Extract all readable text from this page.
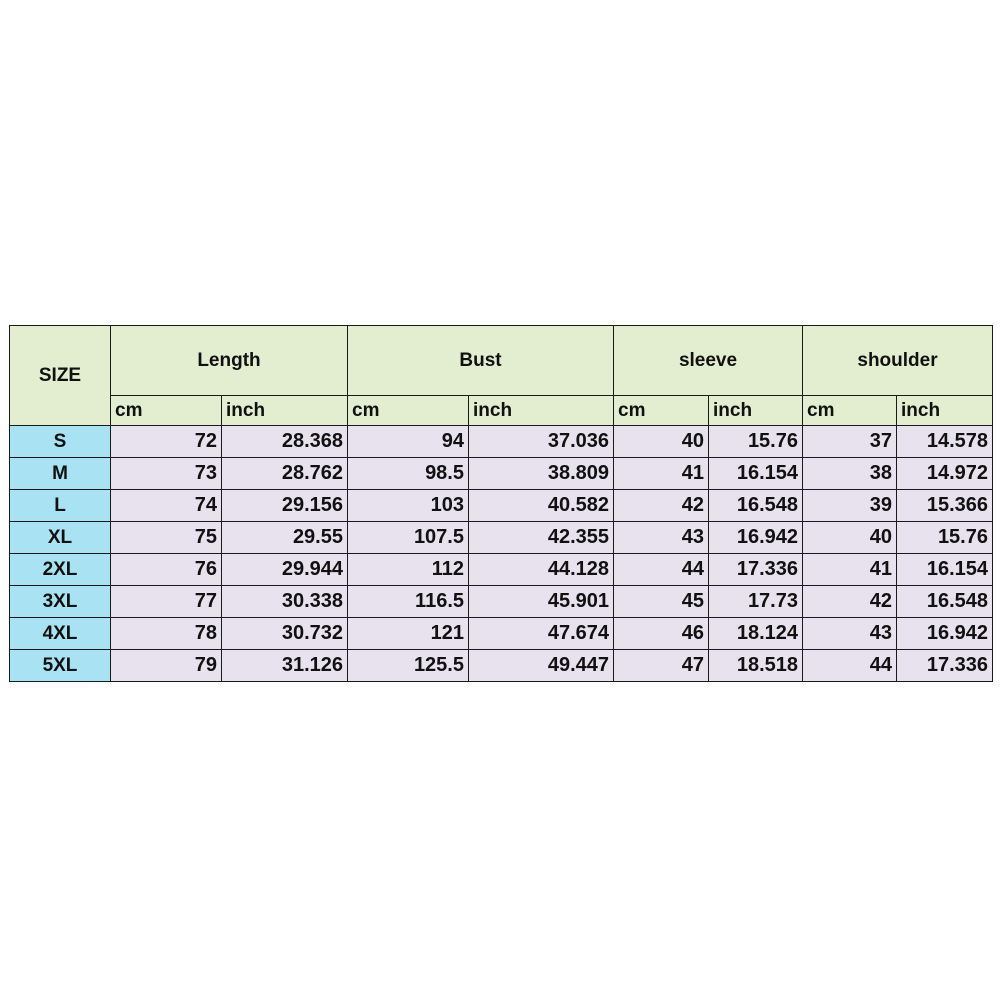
SIZE	Length		Bust		sleeve		shoulder	
	cm	inch	cm	inch	cm	inch	cm	inch
S	72	28.368	94	37.036	40	15.76	37	14.578
M	73	28.762	98.5	38.809	41	16.154	38	14.972
L	74	29.156	103	40.582	42	16.548	39	15.366
XL	75	29.55	107.5	42.355	43	16.942	40	15.76
2XL	76	29.944	112	44.128	44	17.336	41	16.154
3XL	77	30.338	116.5	45.901	45	17.73	42	16.548
4XL	78	30.732	121	47.674	46	18.124	43	16.942
5XL	79	31.126	125.5	49.447	47	18.518	44	17.336
